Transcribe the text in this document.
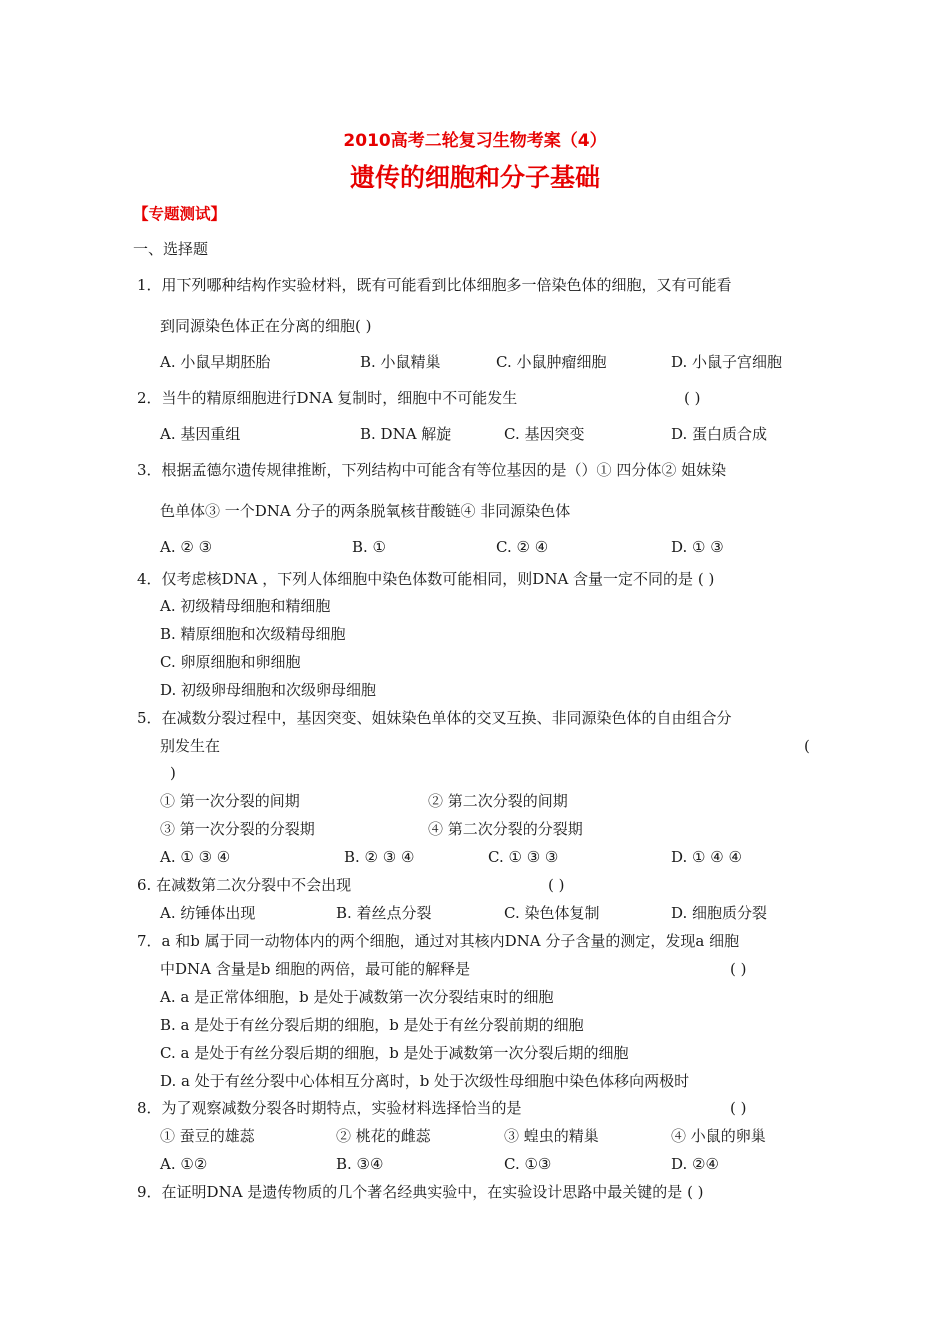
2010高考二轮复习生物考案（4）
遗传的细胞和分子基础
【专题测试】
一、选择题
1．用下列哪种结构作实验材料，既有可能看到比体细胞多一倍染色体的细胞，又有可能看
到同源染色体正在分离的细胞( )
A. 小鼠早期胚胎	B. 小鼠精巢	C. 小鼠肿瘤细胞	D. 小鼠子宫细胞
2．当牛的精原细胞进行DNA 复制时，细胞中不可能发生	( )
A. 基因重组	B. DNA 解旋	C. 基因突变	D. 蛋白质合成
3．根据孟德尔遗传规律推断，下列结构中可能含有等位基因的是（）① 四分体② 姐妹染
色单体③ 一个DNA 分子的两条脱氧核苷酸链④ 非同源染色体
A. ② ③	B. ①	C. ② ④	D. ① ③
4．仅考虑核DNA ，下列人体细胞中染色体数可能相同，则DNA 含量一定不同的是 ( )
A. 初级精母细胞和精细胞
B. 精原细胞和次级精母细胞
C. 卵原细胞和卵细胞
D. 初级卵母细胞和次级卵母细胞
5．在减数分裂过程中，基因突变、姐妹染色单体的交叉互换、非同源染色体的自由组合分
别发生在	(
)
① 第一次分裂的间期	② 第二次分裂的间期
③ 第一次分裂的分裂期	④ 第二次分裂的分裂期
A. ① ③ ④	B. ② ③ ④	C. ① ③ ③	D. ① ④ ④
6. 在减数第二次分裂中不会出现	( )
A. 纺锤体出现	B. 着丝点分裂	C. 染色体复制	D. 细胞质分裂
7．a 和b 属于同一动物体内的两个细胞，通过对其核内DNA 分子含量的测定，发现a 细胞
中DNA 含量是b 细胞的两倍，最可能的解释是	( )
A. a 是正常体细胞，b 是处于减数第一次分裂结束时的细胞
B. a 是处于有丝分裂后期的细胞，b 是处于有丝分裂前期的细胞
C. a 是处于有丝分裂后期的细胞，b 是处于减数第一次分裂后期的细胞
D. a 处于有丝分裂中心体相互分离时，b 处于次级性母细胞中染色体移向两极时
8．为了观察减数分裂各时期特点，实验材料选择恰当的是	( )
① 蚕豆的雄蕊	② 桃花的雌蕊	③ 蝗虫的精巢	④ 小鼠的卵巢
A. ①②	B. ③④	C. ①③	D. ②④
9．在证明DNA 是遗传物质的几个著名经典实验中，在实验设计思路中最关键的是 ( )
